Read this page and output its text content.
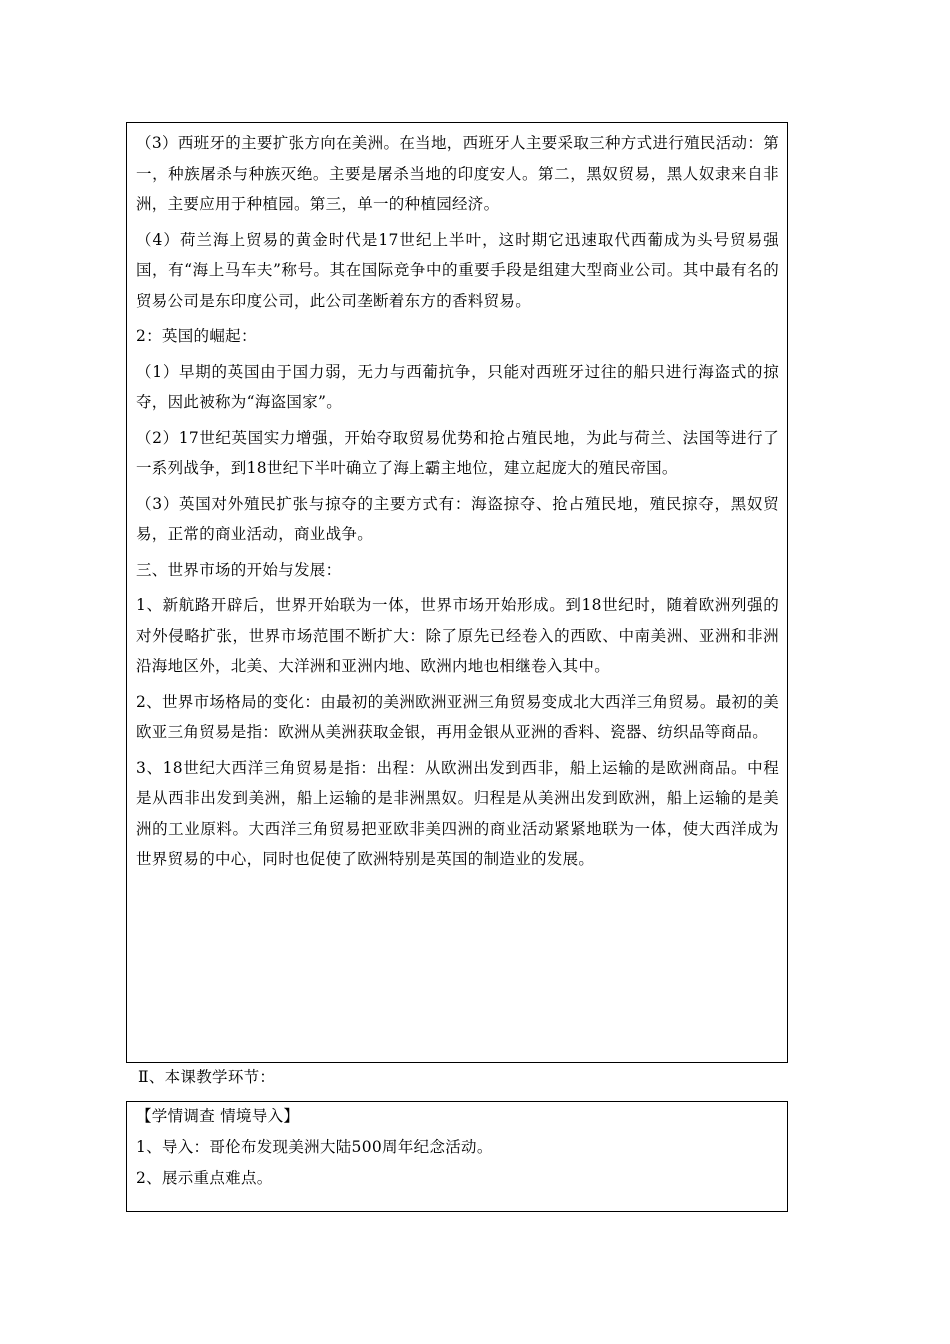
（3）西班牙的主要扩张方向在美洲。在当地，西班牙人主要采取三种方式进行殖民活动：第一，种族屠杀与种族灭绝。主要是屠杀当地的印度安人。第二，黑奴贸易，黑人奴隶来自非洲，主要应用于种植园。第三，单一的种植园经济。

（4）荷兰海上贸易的黄金时代是17世纪上半叶，这时期它迅速取代西葡成为头号贸易强国，有“海上马车夫”称号。其在国际竞争中的重要手段是组建大型商业公司。其中最有名的贸易公司是东印度公司，此公司垄断着东方的香料贸易。

2：英国的崛起：

（1）早期的英国由于国力弱，无力与西葡抗争，只能对西班牙过往的船只进行海盗式的掠夺，因此被称为“海盗国家”。

（2）17世纪英国实力增强，开始夺取贸易优势和抢占殖民地，为此与荷兰、法国等进行了一系列战争，到18世纪下半叶确立了海上霸主地位，建立起庞大的殖民帝国。

（3）英国对外殖民扩张与掠夺的主要方式有：海盗掠夺、抢占殖民地，殖民掠夺，黑奴贸易，正常的商业活动，商业战争。

三、世界市场的开始与发展：

1、新航路开辟后，世界开始联为一体，世界市场开始形成。到18世纪时，随着欧洲列强的对外侵略扩张，世界市场范围不断扩大：除了原先已经卷入的西欧、中南美洲、亚洲和非洲沿海地区外，北美、大洋洲和亚洲内地、欧洲内地也相继卷入其中。

2、世界市场格局的变化：由最初的美洲欧洲亚洲三角贸易变成北大西洋三角贸易。最初的美欧亚三角贸易是指：欧洲从美洲获取金银，再用金银从亚洲的香料、瓷器、纺织品等商品。

3、18世纪大西洋三角贸易是指：出程：从欧洲出发到西非，船上运输的是欧洲商品。中程是从西非出发到美洲，船上运输的是非洲黑奴。归程是从美洲出发到欧洲，船上运输的是美洲的工业原料。大西洋三角贸易把亚欧非美四洲的商业活动紧紧地联为一体，使大西洋成为世界贸易的中心，同时也促使了欧洲特别是英国的制造业的发展。

Ⅱ、本课教学环节：

【学情调查 情境导入】

1、导入：哥伦布发现美洲大陆500周年纪念活动。

2、展示重点难点。
